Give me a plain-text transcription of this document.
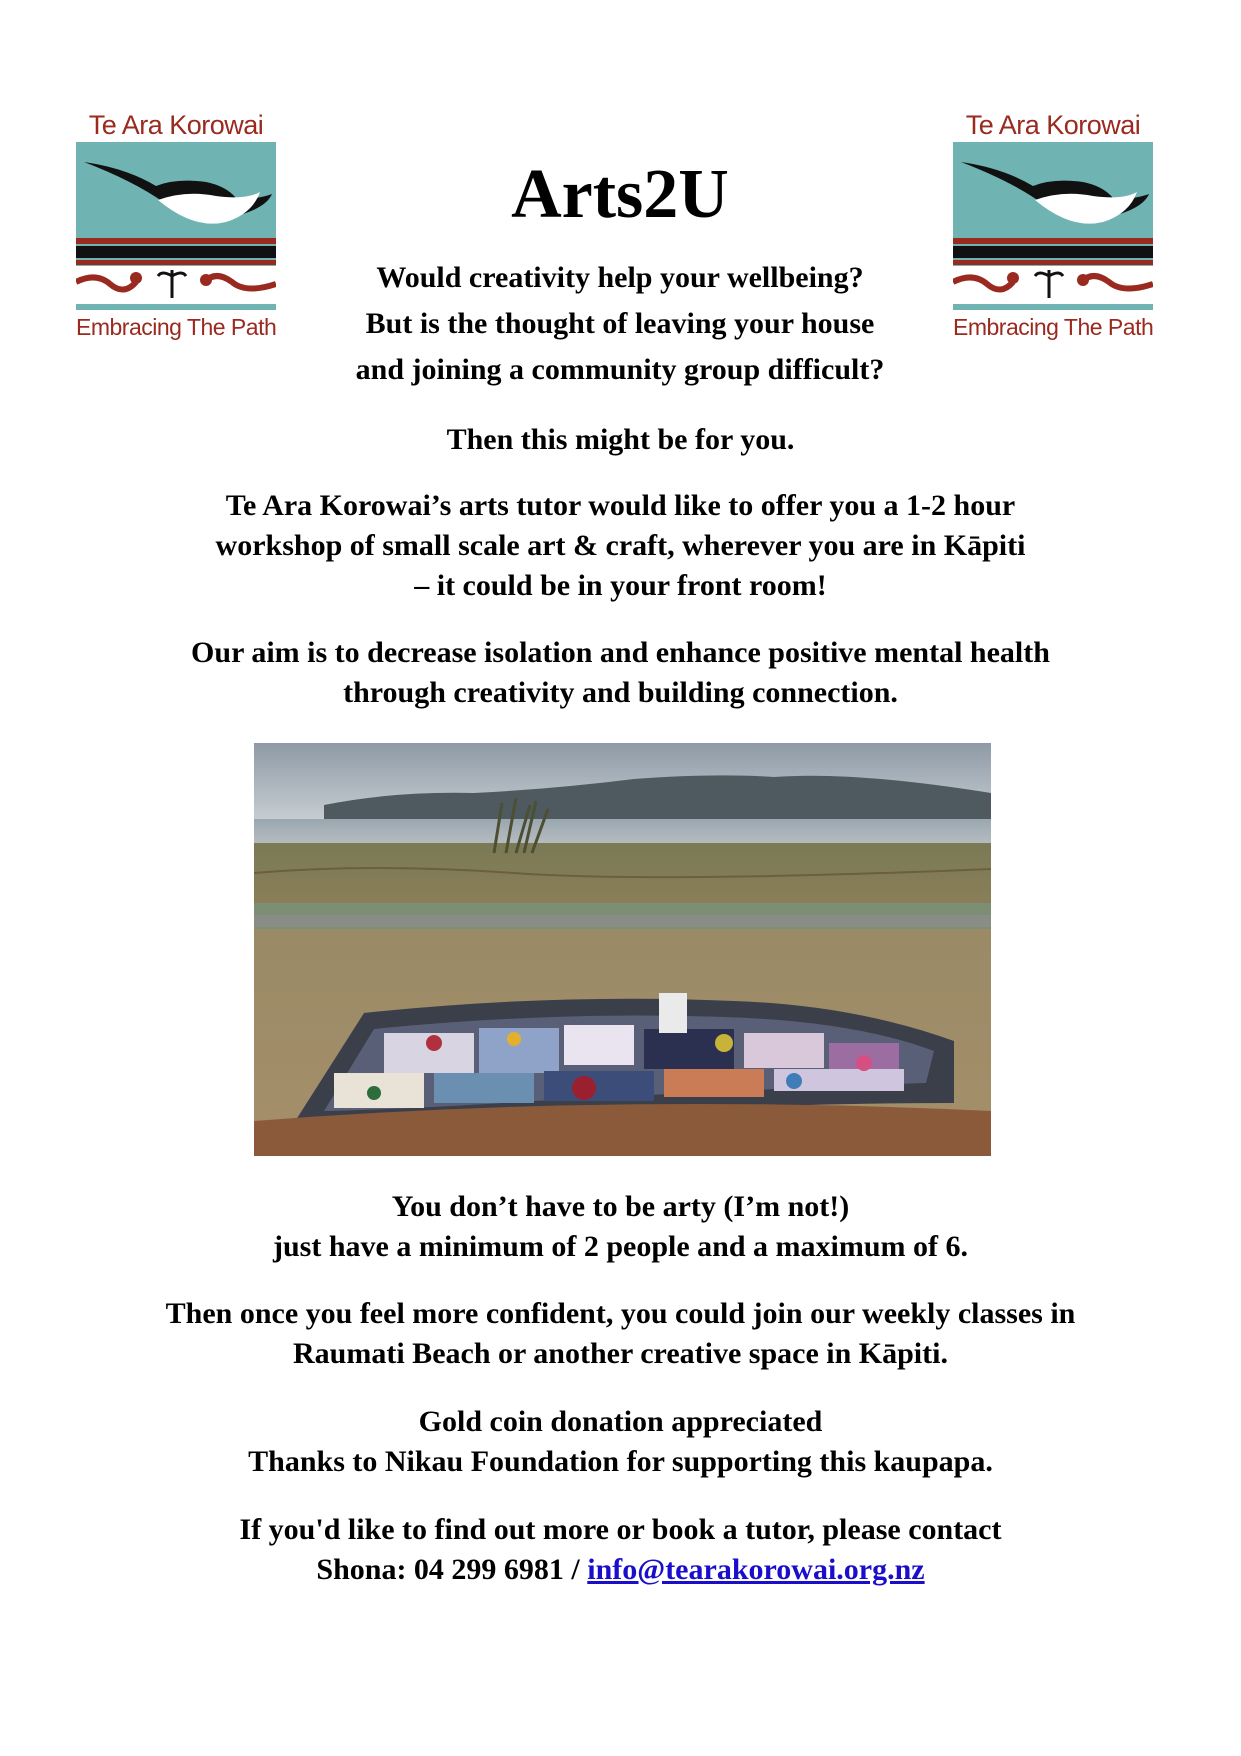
Te Ara Korowai
Embracing The Path
Te Ara Korowai
Embracing The Path
Arts2U

Would creativity help your wellbeing?
But is the thought of leaving your house
and joining a community group difficult?

Then this might be for you.

Te Ara Korowai’s arts tutor would like to offer you a 1-2 hour
workshop of small scale art & craft, wherever you are in Kāpiti
– it could be in your front room!

Our aim is to decrease isolation and enhance positive mental health
through creativity and building connection.

You don’t have to be arty (I’m not!)
just have a minimum of 2 people and a maximum of 6.

Then once you feel more confident, you could join our weekly classes in
Raumati Beach or another creative space in Kāpiti.

Gold coin donation appreciated
Thanks to Nikau Foundation for supporting this kaupapa.

If you'd like to find out more or book a tutor, please contact
Shona: 04 299 6981 / info@tearakorowai.org.nz
